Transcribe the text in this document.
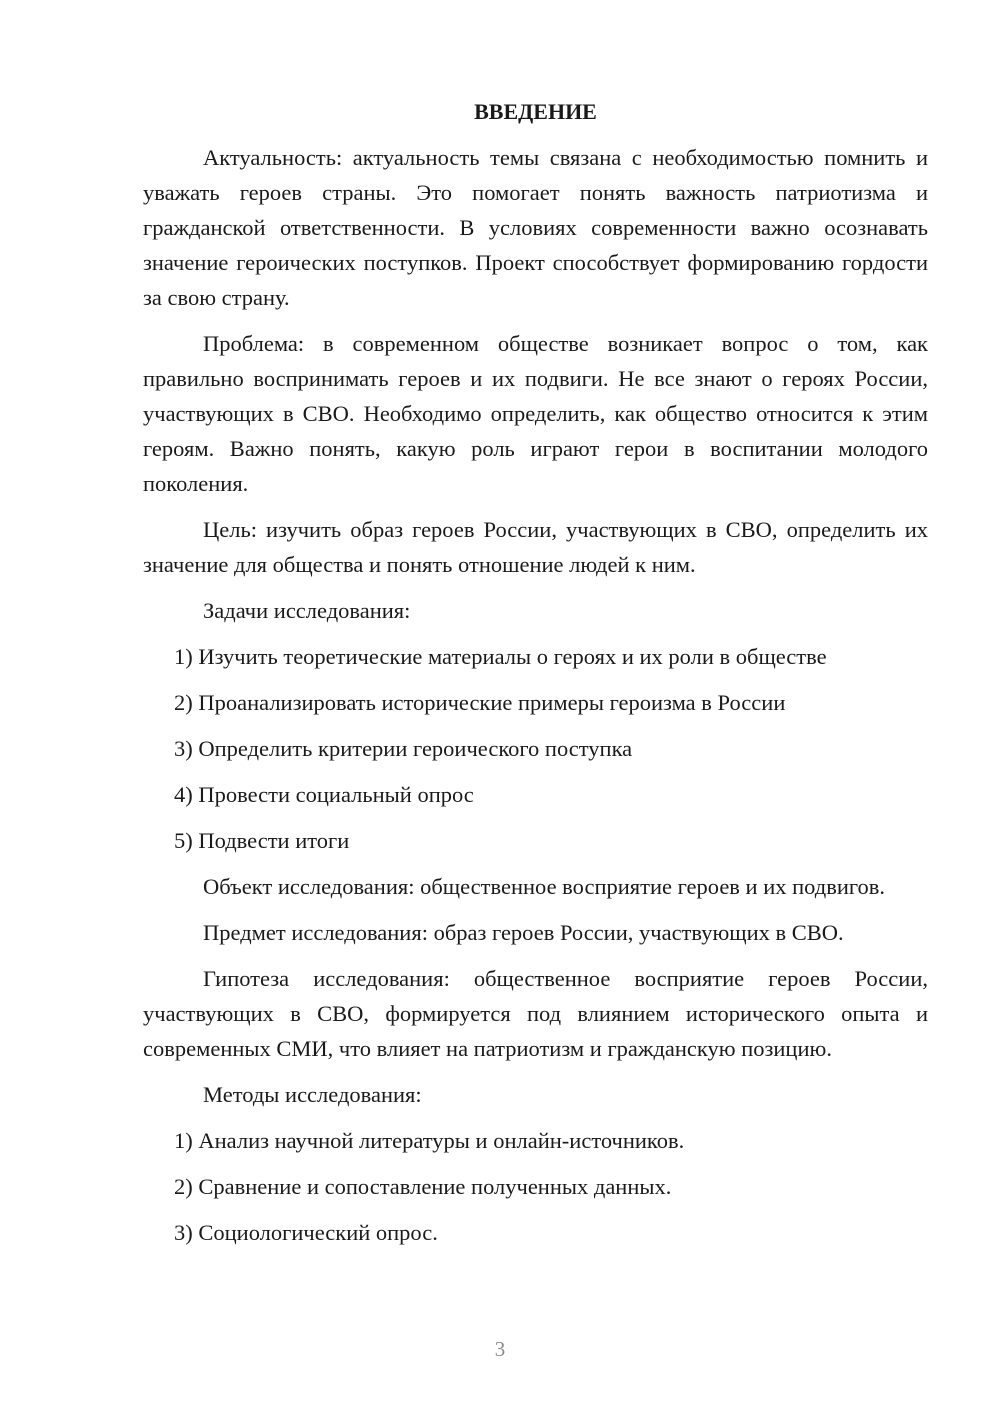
ВВЕДЕНИЕ

Актуальность: актуальность темы связана с необходимостью помнить и уважать героев страны. Это помогает понять важность патриотизма и гражданской ответственности. В условиях современности важно осознавать значение героических поступков. Проект способствует формированию гордости за свою страну.

Проблема: в современном обществе возникает вопрос о том, как правильно воспринимать героев и их подвиги. Не все знают о героях России, участвующих в СВО. Необходимо определить, как общество относится к этим героям. Важно понять, какую роль играют герои в воспитании молодого поколения.

Цель: изучить образ героев России, участвующих в СВО, определить их значение для общества и понять отношение людей к ним.

Задачи исследования:

1) Изучить теоретические материалы о героях и их роли в обществе

2) Проанализировать исторические примеры героизма в России

3) Определить критерии героического поступка

4) Провести социальный опрос

5) Подвести итоги

Объект исследования: общественное восприятие героев и их подвигов.

Предмет исследования: образ героев России, участвующих в СВО.

Гипотеза исследования: общественное восприятие героев России, участвующих в СВО, формируется под влиянием исторического опыта и современных СМИ, что влияет на патриотизм и гражданскую позицию.

Методы исследования:

1) Анализ научной литературы и онлайн-источников.

2) Сравнение и сопоставление полученных данных.

3) Социологический опрос.

3
